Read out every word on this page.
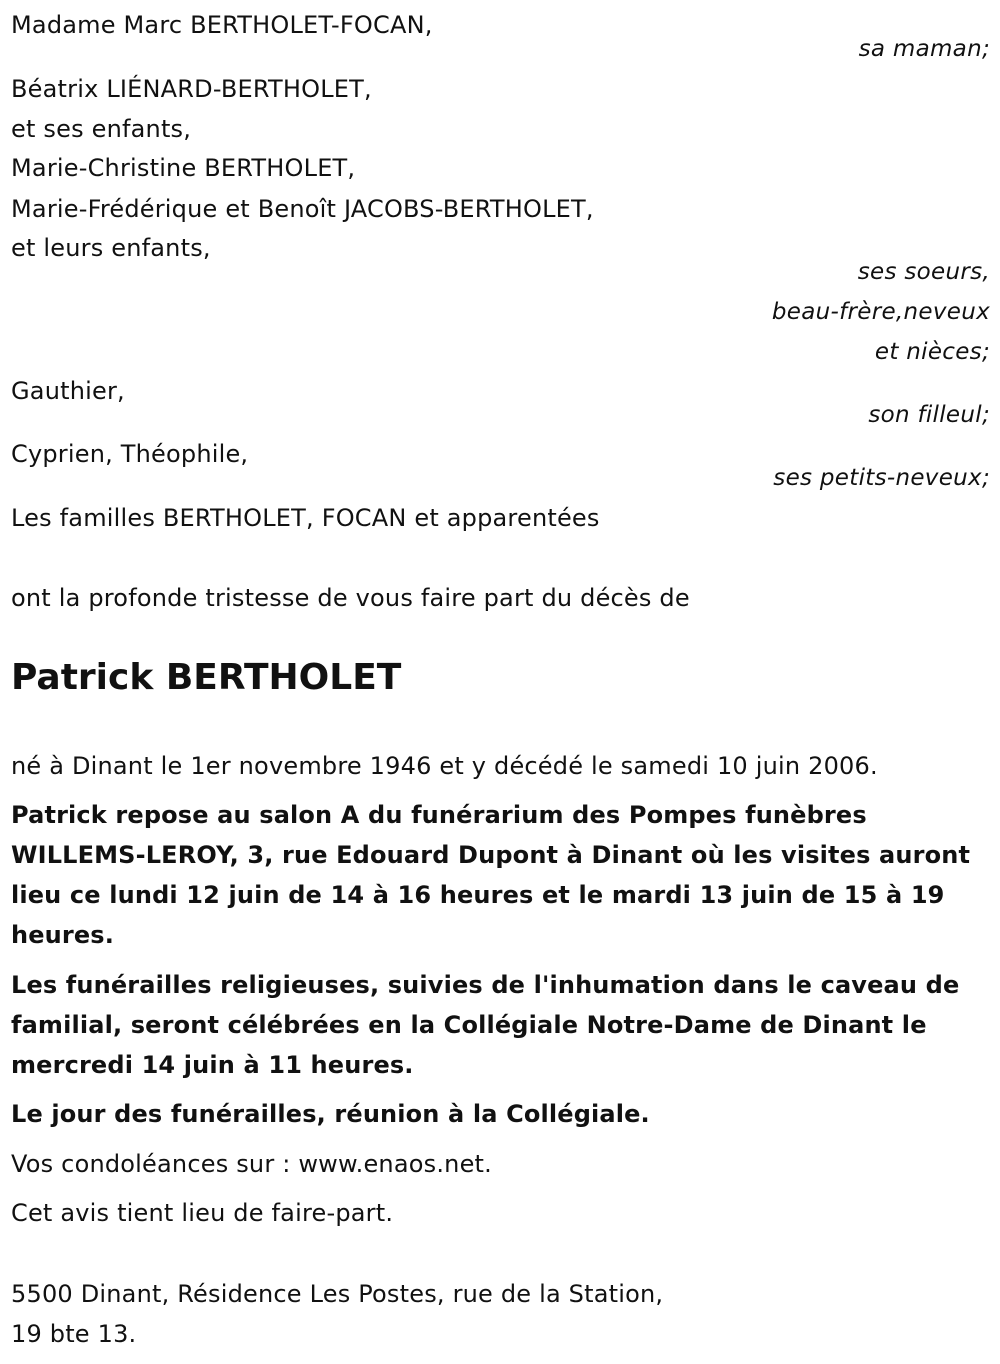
Madame Marc BERTHOLET-FOCAN,
sa maman;
Béatrix LIÉNARD-BERTHOLET,
et ses enfants,
Marie-Christine BERTHOLET,
Marie-Frédérique et Benoît JACOBS-BERTHOLET,
et leurs enfants,
ses soeurs,
beau-frère,neveux
et nièces;
Gauthier,
son filleul;
Cyprien, Théophile,
ses petits-neveux;
Les familles BERTHOLET, FOCAN et apparentées
ont la profonde tristesse de vous faire part du décès de
Patrick BERTHOLET
né à Dinant le 1er novembre 1946 et y décédé le samedi 10 juin 2006.
Patrick repose au salon A du funérarium des Pompes funèbres WILLEMS-LEROY, 3, rue Edouard Dupont à Dinant où les visites auront lieu ce lundi 12 juin de 14 à 16 heures et le mardi 13 juin de 15 à 19 heures.
Les funérailles religieuses, suivies de l'inhumation dans le caveau de familial, seront célébrées en la Collégiale Notre-Dame de Dinant le mercredi 14 juin à 11 heures.
Le jour des funérailles, réunion à la Collégiale.
Vos condoléances sur : www.enaos.net.
Cet avis tient lieu de faire-part.
5500 Dinant, Résidence Les Postes, rue de la Station,
19 bte 13.
